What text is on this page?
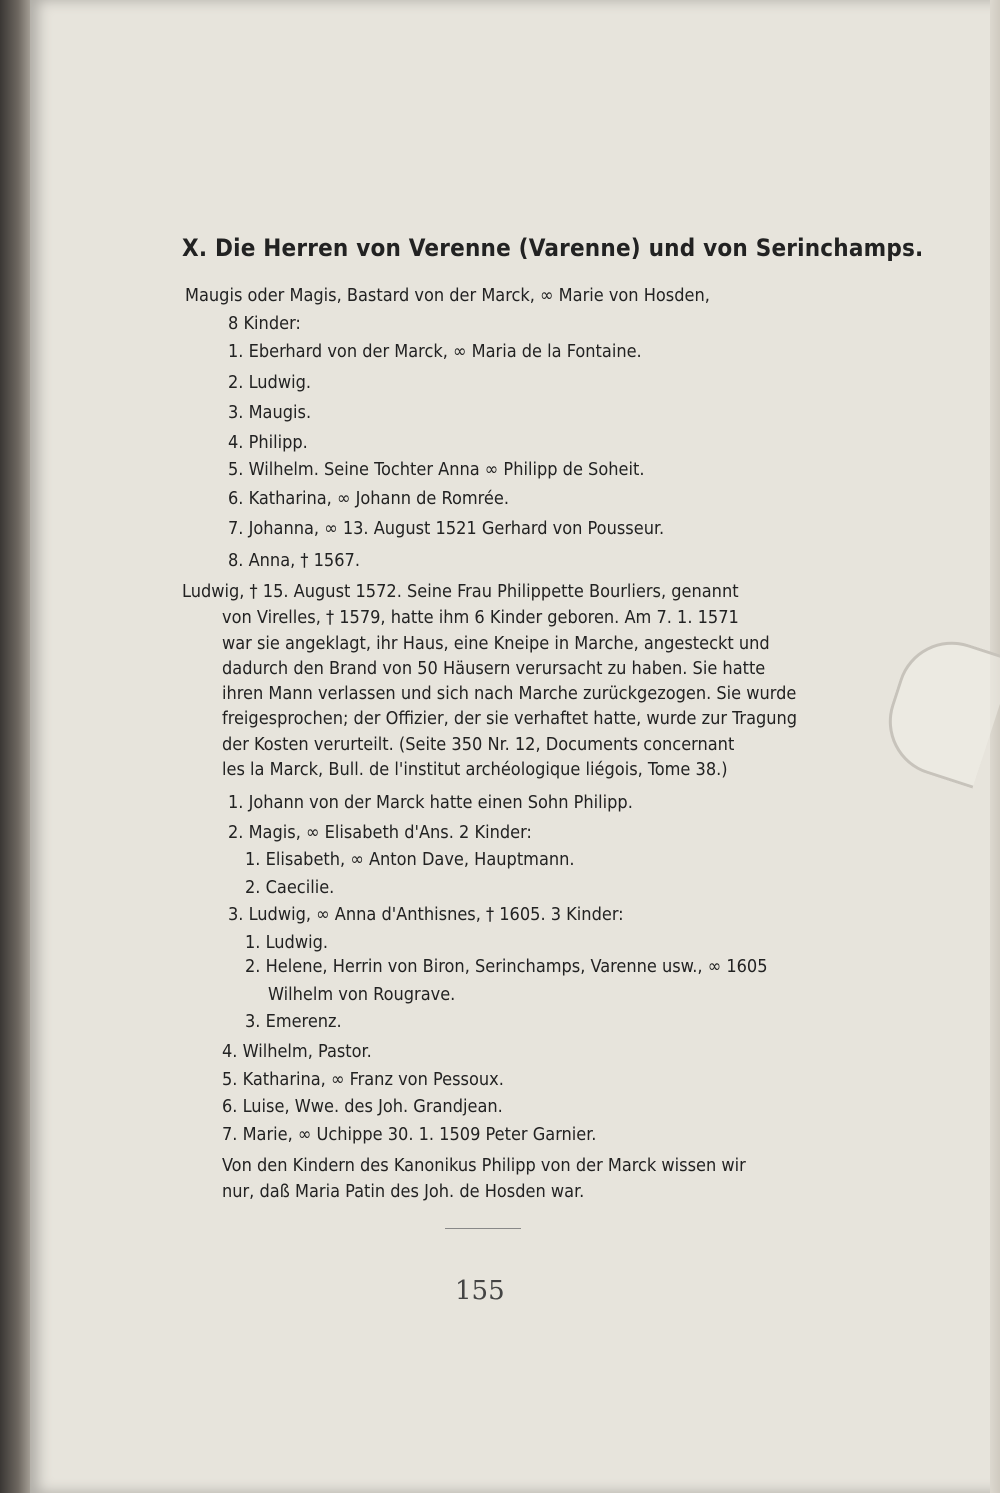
X. Die Herren von Verenne (Varenne) und von Serinchamps.
Maugis oder Magis, Bastard von der Marck, ∞ Marie von Hosden,
8 Kinder:
1. Eberhard von der Marck, ∞ Maria de la Fontaine.
2. Ludwig.
3. Maugis.
4. Philipp.
5. Wilhelm. Seine Tochter Anna ∞ Philipp de Soheit.
6. Katharina, ∞ Johann de Romrée.
7. Johanna, ∞ 13. August 1521 Gerhard von Pousseur.
8. Anna, † 1567.
Ludwig, † 15. August 1572. Seine Frau Philippette Bourliers, genannt
von Virelles, † 1579, hatte ihm 6 Kinder geboren. Am 7. 1. 1571
war sie angeklagt, ihr Haus, eine Kneipe in Marche, angesteckt und
dadurch den Brand von 50 Häusern verursacht zu haben. Sie hatte
ihren Mann verlassen und sich nach Marche zurückgezogen. Sie wurde
freigesprochen; der Offizier, der sie verhaftet hatte, wurde zur Tragung
der Kosten verurteilt. (Seite 350 Nr. 12, Documents concernant
les la Marck, Bull. de l'institut archéologique liégois, Tome 38.)
1. Johann von der Marck hatte einen Sohn Philipp.
2. Magis, ∞ Elisabeth d'Ans. 2 Kinder:
1. Elisabeth, ∞ Anton Dave, Hauptmann.
2. Caecilie.
3. Ludwig, ∞ Anna d'Anthisnes, † 1605. 3 Kinder:
1. Ludwig.
2. Helene, Herrin von Biron, Serinchamps, Varenne usw., ∞ 1605
Wilhelm von Rougrave.
3. Emerenz.
4. Wilhelm, Pastor.
5. Katharina, ∞ Franz von Pessoux.
6. Luise, Wwe. des Joh. Grandjean.
7. Marie, ∞ Uchippe 30. 1. 1509 Peter Garnier.
Von den Kindern des Kanonikus Philipp von der Marck wissen wir
nur, daß Maria Patin des Joh. de Hosden war.
155
